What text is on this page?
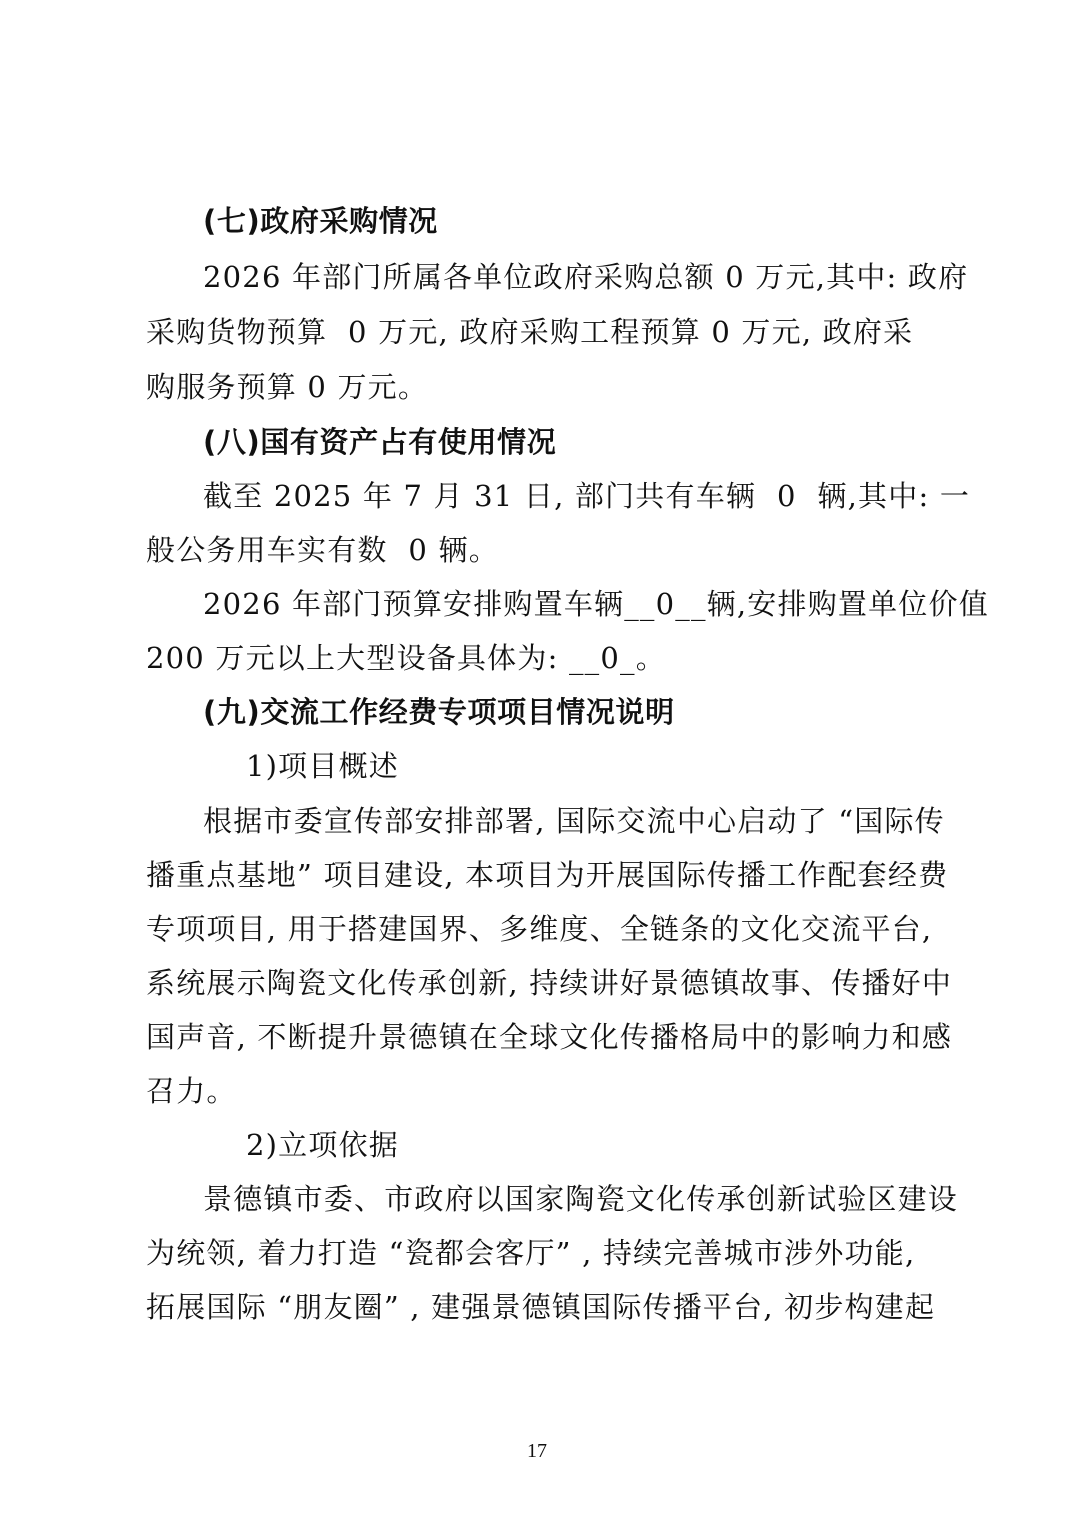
(七)政府采购情况
2026 年部门所属各单位政府采购总额 0 万元,其中: 政府
采购货物预算  0 万元, 政府采购工程预算 0 万元, 政府采
购服务预算 0 万元。
(八)国有资产占有使用情况
截至 2025 年 7 月 31 日, 部门共有车辆  0  辆,其中: 一
般公务用车实有数  0 辆。
2026 年部门预算安排购置车辆__0__辆,安排购置单位价值
200 万元以上大型设备具体为: __0_。
(九)交流工作经费专项项目情况说明
1)项目概述
根据市委宣传部安排部署, 国际交流中心启动了 “国际传
播重点基地” 项目建设, 本项目为开展国际传播工作配套经费
专项项目, 用于搭建国界、多维度、全链条的文化交流平台,
系统展示陶瓷文化传承创新, 持续讲好景德镇故事、传播好中
国声音, 不断提升景德镇在全球文化传播格局中的影响力和感
召力。
2)立项依据
景德镇市委、市政府以国家陶瓷文化传承创新试验区建设
为统领, 着力打造 “瓷都会客厅” , 持续完善城市涉外功能,
拓展国际 “朋友圈” , 建强景德镇国际传播平台, 初步构建起
17
